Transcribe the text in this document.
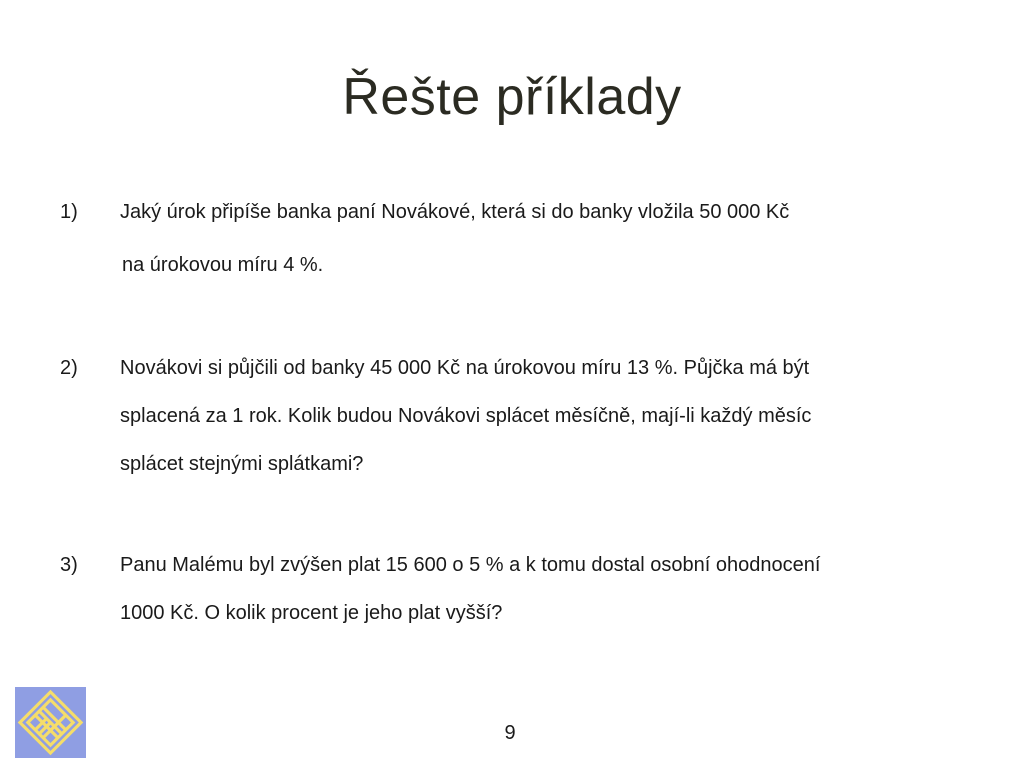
Řešte příklady
1) Jaký úrok připíše banka paní Novákové, která si do banky vložila 50 000 Kč
na úrokovou míru 4 %.
2) Novákovi si půjčili od banky 45 000 Kč na úrokovou míru 13 %. Půjčka má být
splacená za 1 rok. Kolik budou Novákovi splácet měsíčně, mají-li každý měsíc
splácet stejnými splátkami?
3) Panu Malému byl zvýšen plat 15 600 o 5 % a k tomu dostal osobní ohodnocení
1000 Kč. O kolik procent je jeho plat vyšší?
9
